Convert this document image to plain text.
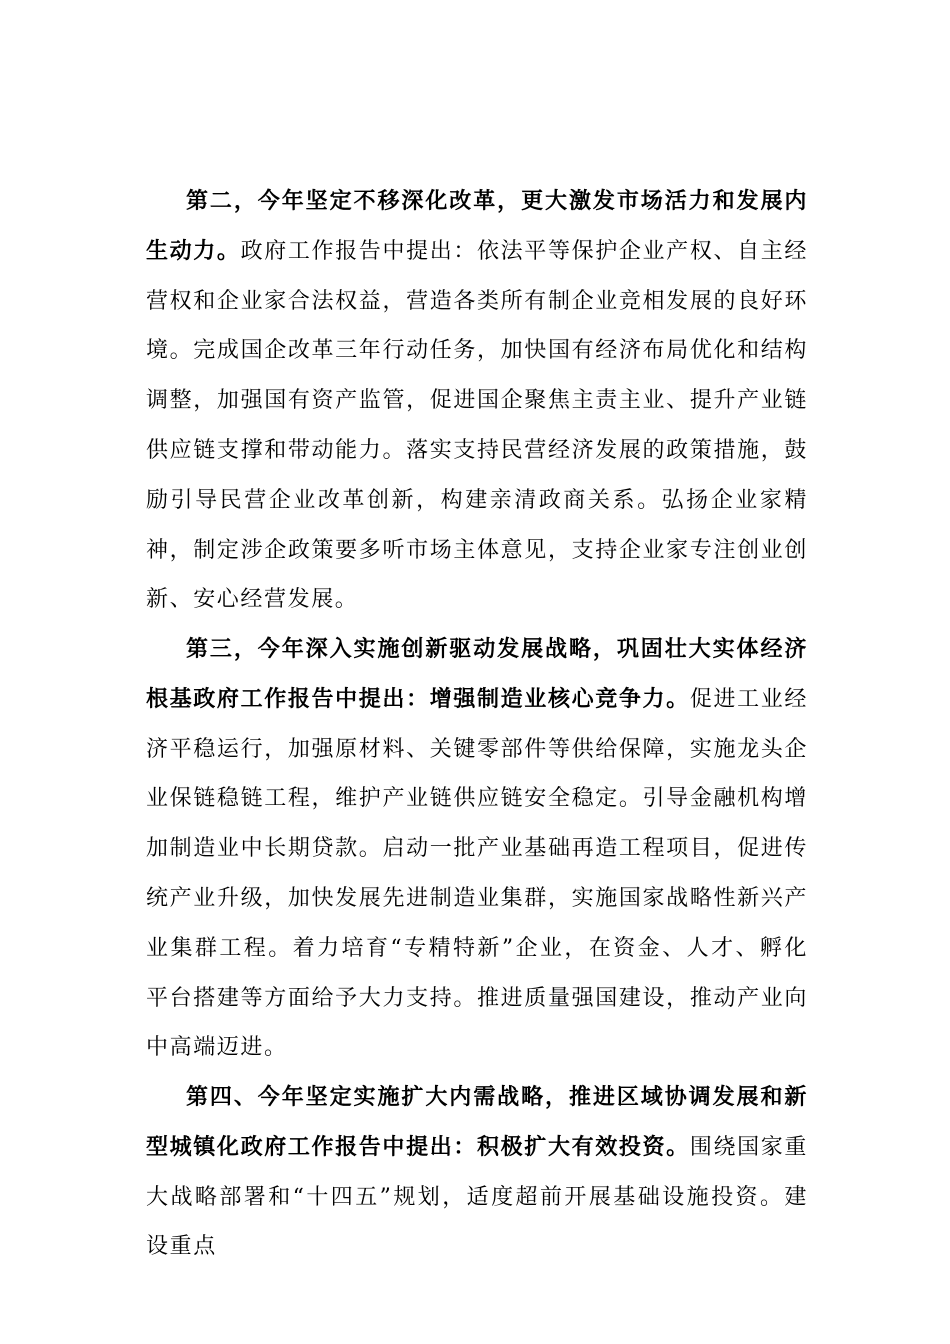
第二，今年坚定不移深化改革，更大激发市场活力和发展内生动力。政府工作报告中提出：依法平等保护企业产权、自主经营权和企业家合法权益，营造各类所有制企业竞相发展的良好环境。完成国企改革三年行动任务，加快国有经济布局优化和结构调整，加强国有资产监管，促进国企聚焦主责主业、提升产业链供应链支撑和带动能力。落实支持民营经济发展的政策措施，鼓励引导民营企业改革创新，构建亲清政商关系。弘扬企业家精神，制定涉企政策要多听市场主体意见，支持企业家专注创业创新、安心经营发展。

第三，今年深入实施创新驱动发展战略，巩固壮大实体经济根基政府工作报告中提出：增强制造业核心竞争力。促进工业经济平稳运行，加强原材料、关键零部件等供给保障，实施龙头企业保链稳链工程，维护产业链供应链安全稳定。引导金融机构增加制造业中长期贷款。启动一批产业基础再造工程项目，促进传统产业升级，加快发展先进制造业集群，实施国家战略性新兴产业集群工程。着力培育“专精特新”企业，在资金、人才、孵化平台搭建等方面给予大力支持。推进质量强国建设，推动产业向中高端迈进。

第四、今年坚定实施扩大内需战略，推进区域协调发展和新型城镇化政府工作报告中提出：积极扩大有效投资。围绕国家重大战略部署和“十四五”规划，适度超前开展基础设施投资。建设重点
